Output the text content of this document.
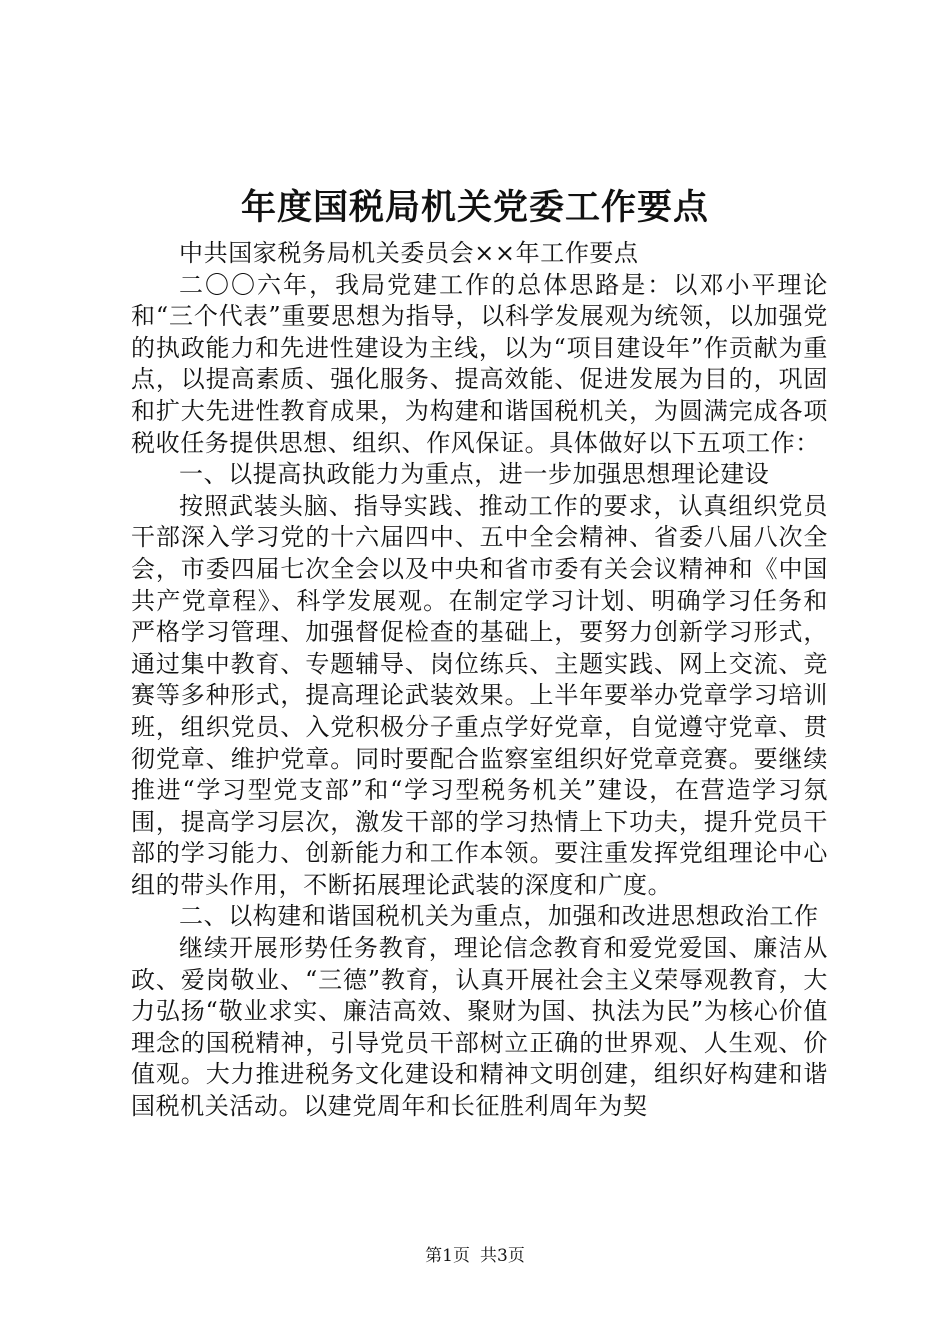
年度国税局机关党委工作要点

中共国家税务局机关委员会××年工作要点

二〇〇六年，我局党建工作的总体思路是：以邓小平理论和“三个代表”重要思想为指导，以科学发展观为统领，以加强党的执政能力和先进性建设为主线，以为“项目建设年”作贡献为重点，以提高素质、强化服务、提高效能、促进发展为目的，巩固和扩大先进性教育成果，为构建和谐国税机关，为圆满完成各项税收任务提供思想、组织、作风保证。具体做好以下五项工作：

一、以提高执政能力为重点，进一步加强思想理论建设

按照武装头脑、指导实践、推动工作的要求，认真组织党员干部深入学习党的十六届四中、五中全会精神、省委八届八次全会，市委四届七次全会以及中央和省市委有关会议精神和《中国共产党章程》、科学发展观。在制定学习计划、明确学习任务和严格学习管理、加强督促检查的基础上，要努力创新学习形式，通过集中教育、专题辅导、岗位练兵、主题实践、网上交流、竞赛等多种形式，提高理论武装效果。上半年要举办党章学习培训班，组织党员、入党积极分子重点学好党章，自觉遵守党章、贯彻党章、维护党章。同时要配合监察室组织好党章竞赛。要继续推进“学习型党支部”和“学习型税务机关”建设，在营造学习氛围，提高学习层次，激发干部的学习热情上下功夫，提升党员干部的学习能力、创新能力和工作本领。要注重发挥党组理论中心组的带头作用，不断拓展理论武装的深度和广度。

二、以构建和谐国税机关为重点，加强和改进思想政治工作

继续开展形势任务教育，理论信念教育和爱党爱国、廉洁从政、爱岗敬业、“三德”教育，认真开展社会主义荣辱观教育，大力弘扬“敬业求实、廉洁高效、聚财为国、执法为民”为核心价值理念的国税精神，引导党员干部树立正确的世界观、人生观、价值观。大力推进税务文化建设和精神文明创建，组织好构建和谐国税机关活动。以建党周年和长征胜利周年为契

第1页 共3页
